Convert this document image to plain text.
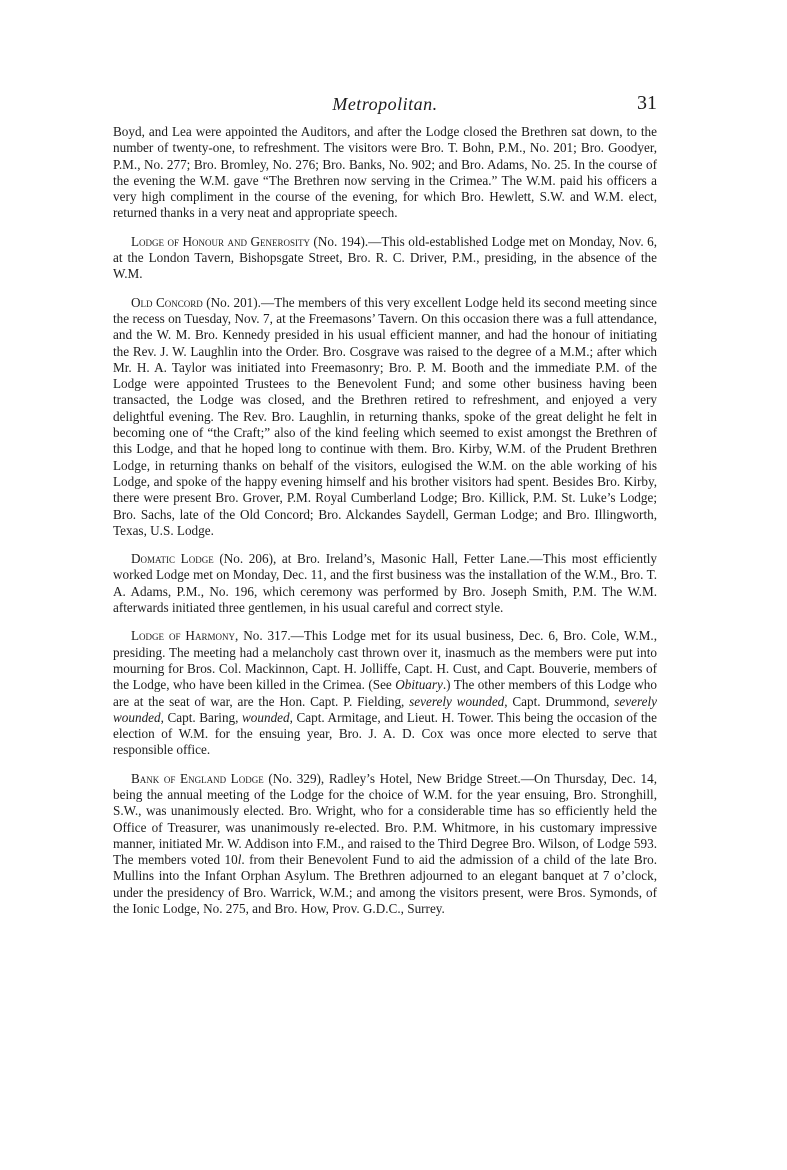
Metropolitan.	31

Boyd, and Lea were appointed the Auditors, and after the Lodge closed the Brethren sat down, to the number of twenty-one, to refreshment. The visitors were Bro. T. Bohn, P.M., No. 201; Bro. Goodyer, P.M., No. 277; Bro. Bromley, No. 276; Bro. Banks, No. 902; and Bro. Adams, No. 25. In the course of the evening the W.M. gave “The Brethren now serving in the Crimea.” The W.M. paid his officers a very high compliment in the course of the evening, for which Bro. Hewlett, S.W. and W.M. elect, returned thanks in a very neat and appropriate speech.

Lodge of Honour and Generosity (No. 194).—This old-established Lodge met on Monday, Nov. 6, at the London Tavern, Bishopsgate Street, Bro. R. C. Driver, P.M., presiding, in the absence of the W.M.

Old Concord (No. 201).—The members of this very excellent Lodge held its second meeting since the recess on Tuesday, Nov. 7, at the Freemasons’ Tavern. On this occasion there was a full attendance, and the W. M. Bro. Kennedy presided in his usual efficient manner, and had the honour of initiating the Rev. J. W. Laughlin into the Order. Bro. Cosgrave was raised to the degree of a M.M.; after which Mr. H. A. Taylor was initiated into Freemasonry; Bro. P. M. Booth and the immediate P.M. of the Lodge were appointed Trustees to the Benevolent Fund; and some other business having been transacted, the Lodge was closed, and the Brethren retired to refreshment, and enjoyed a very delightful evening. The Rev. Bro. Laughlin, in returning thanks, spoke of the great delight he felt in becoming one of “the Craft;” also of the kind feeling which seemed to exist amongst the Brethren of this Lodge, and that he hoped long to continue with them. Bro. Kirby, W.M. of the Prudent Brethren Lodge, in returning thanks on behalf of the visitors, eulogised the W.M. on the able working of his Lodge, and spoke of the happy evening himself and his brother visitors had spent. Besides Bro. Kirby, there were present Bro. Grover, P.M. Royal Cumberland Lodge; Bro. Killick, P.M. St. Luke’s Lodge; Bro. Sachs, late of the Old Concord; Bro. Alckandes Saydell, German Lodge; and Bro. Illingworth, Texas, U.S. Lodge.

Domatic Lodge (No. 206), at Bro. Ireland’s, Masonic Hall, Fetter Lane.—This most efficiently worked Lodge met on Monday, Dec. 11, and the first business was the installation of the W.M., Bro. T. A. Adams, P.M., No. 196, which ceremony was performed by Bro. Joseph Smith, P.M. The W.M. afterwards initiated three gentlemen, in his usual careful and correct style.

Lodge of Harmony, No. 317.—This Lodge met for its usual business, Dec. 6, Bro. Cole, W.M., presiding. The meeting had a melancholy cast thrown over it, inasmuch as the members were put into mourning for Bros. Col. Mackinnon, Capt. H. Jolliffe, Capt. H. Cust, and Capt. Bouverie, members of the Lodge, who have been killed in the Crimea. (See Obituary.) The other members of this Lodge who are at the seat of war, are the Hon. Capt. P. Fielding, severely wounded, Capt. Drummond, severely wounded, Capt. Baring, wounded, Capt. Armitage, and Lieut. H. Tower. This being the occasion of the election of W.M. for the ensuing year, Bro. J. A. D. Cox was once more elected to serve that responsible office.

Bank of England Lodge (No. 329), Radley’s Hotel, New Bridge Street.—On Thursday, Dec. 14, being the annual meeting of the Lodge for the choice of W.M. for the year ensuing, Bro. Stronghill, S.W., was unanimously elected. Bro. Wright, who for a considerable time has so efficiently held the Office of Treasurer, was unanimously re-elected. Bro. P.M. Whitmore, in his customary impressive manner, initiated Mr. W. Addison into F.M., and raised to the Third Degree Bro. Wilson, of Lodge 593. The members voted 10l. from their Benevolent Fund to aid the admission of a child of the late Bro. Mullins into the Infant Orphan Asylum. The Brethren adjourned to an elegant banquet at 7 o’clock, under the presidency of Bro. Warrick, W.M.; and among the visitors present, were Bros. Symonds, of the Ionic Lodge, No. 275, and Bro. How, Prov. G.D.C., Surrey.
